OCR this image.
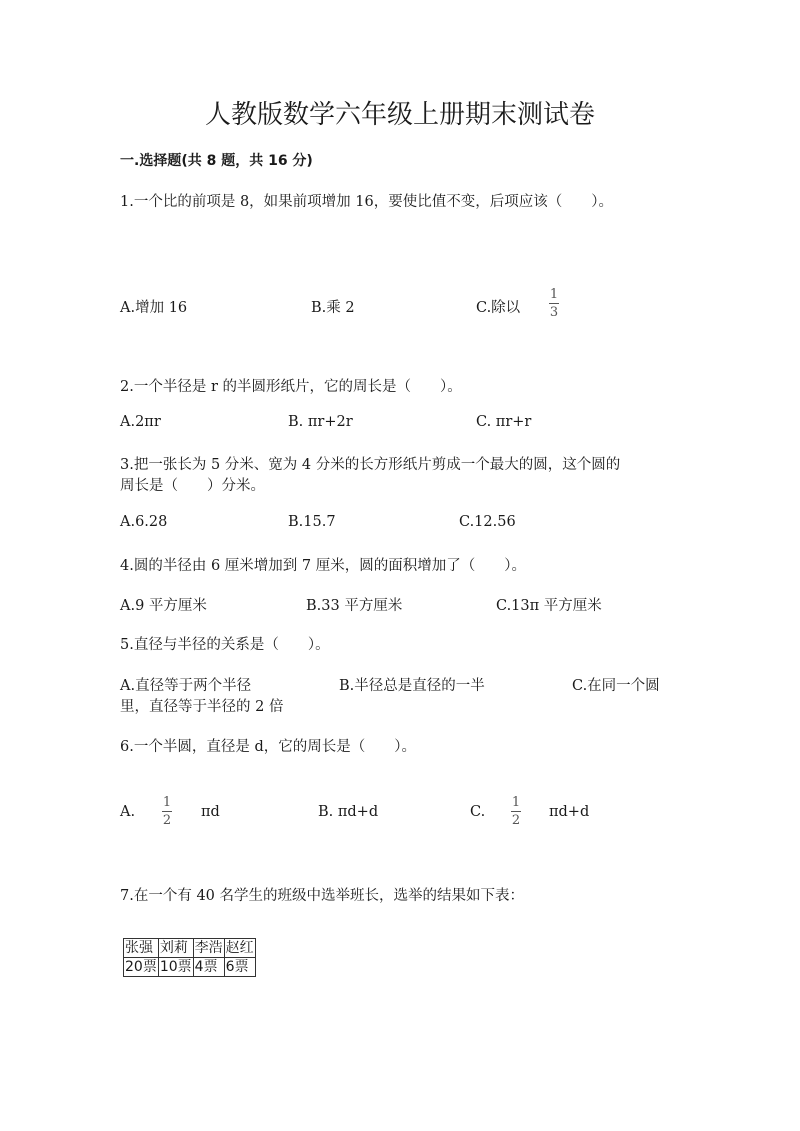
人教版数学六年级上册期末测试卷
一.选择题(共 8 题，共 16 分)
1.一个比的前项是 8，如果前项增加 16，要使比值不变，后项应该（　　）。
A.增加 16	B.乘 2	C.除以
1
3
2.一个半径是 r 的半圆形纸片，它的周长是（　　）。
A.2πr	B. πr+2r	C. πr+r
3.把一张长为 5 分米、宽为 4 分米的长方形纸片剪成一个最大的圆，这个圆的
周长是（　　）分米。
A.6.28	B.15.7	C.12.56
4.圆的半径由 6 厘米增加到 7 厘米，圆的面积增加了（　　）。
A.9 平方厘米	B.33 平方厘米	C.13π 平方厘米
5.直径与半径的关系是（　　）。
A.直径等于两个半径	B.半径总是直径的一半	C.在同一个圆
里，直径等于半径的 2 倍
6.一个半圆，直径是 d，它的周长是（　　）。
A.
1
2
πd	B. πd+d	C.
1
2
πd+d
7.在一个有 40 名学生的班级中选举班长，选举的结果如下表：
张强	刘莉	李浩	赵红
20票	10票	4票	6票
